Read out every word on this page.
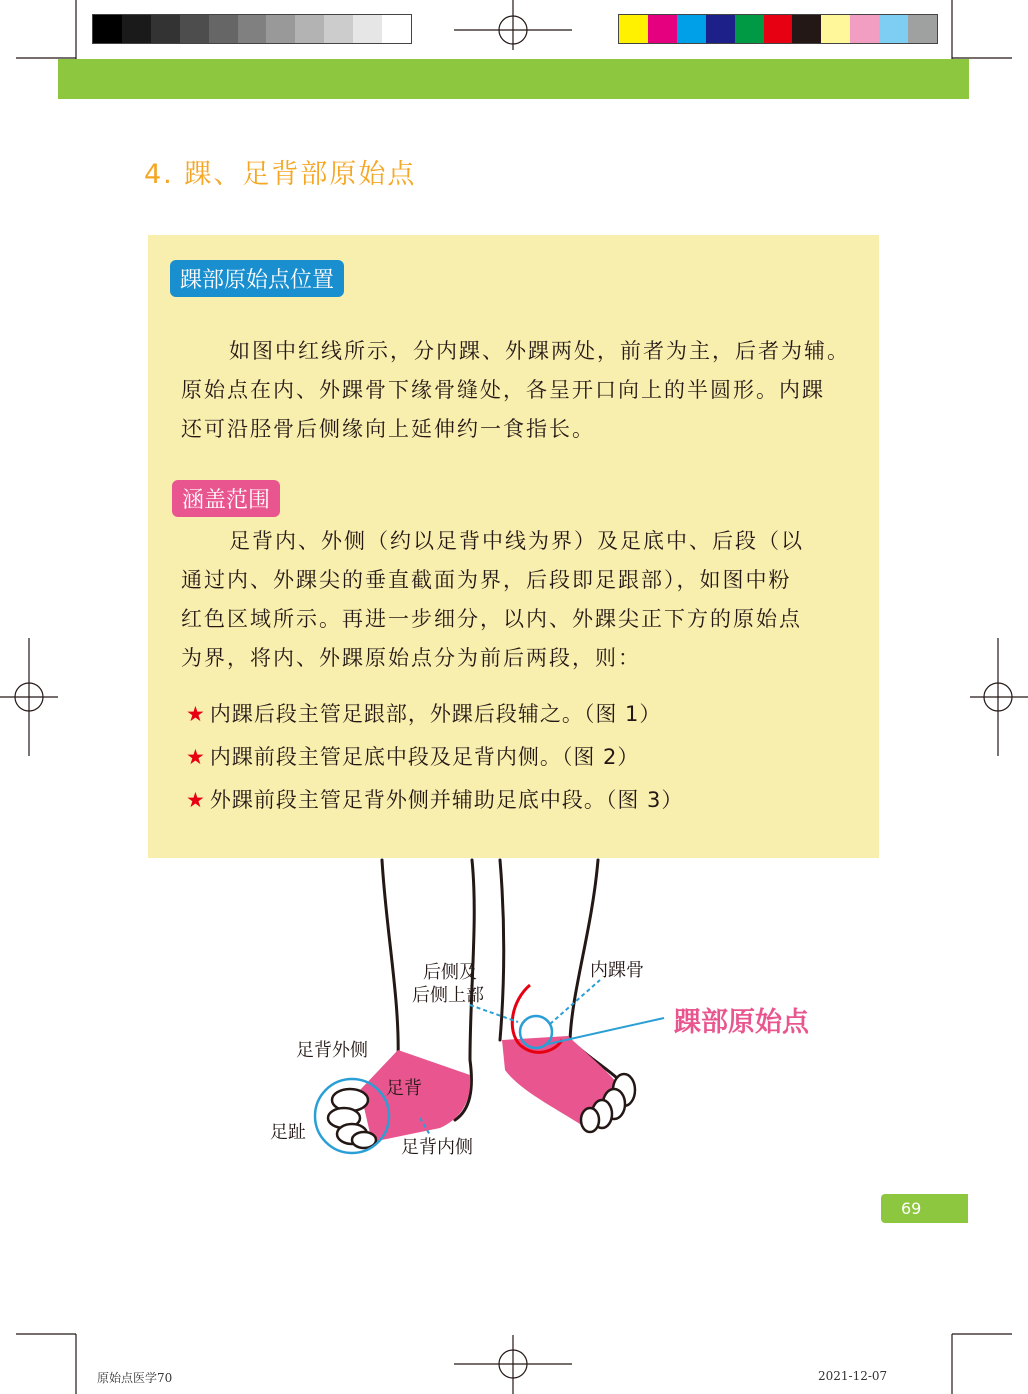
4. 踝、足背部原始点
踝部原始点位置
如图中红线所示，分内踝、外踝两处，前者为主，后者为辅。
原始点在内、外踝骨下缘骨缝处，各呈开口向上的半圆形。内踝
还可沿胫骨后侧缘向上延伸约一食指长。
涵盖范围
足背内、外侧（约以足背中线为界）及足底中、后段（以
通过内、外踝尖的垂直截面为界，后段即足跟部），如图中粉
红色区域所示。再进一步细分，以内、外踝尖正下方的原始点
为界，将内、外踝原始点分为前后两段，则：
★ 内踝后段主管足跟部，外踝后段辅之。（图 1）
★ 内踝前段主管足底中段及足背内侧。（图 2）
★ 外踝前段主管足背外侧并辅助足底中段。（图 3）
后侧及
后侧上部
内踝骨
踝部原始点
足背外侧
足背
足趾
足背内侧
69
原始点医学70	2021-12-07
